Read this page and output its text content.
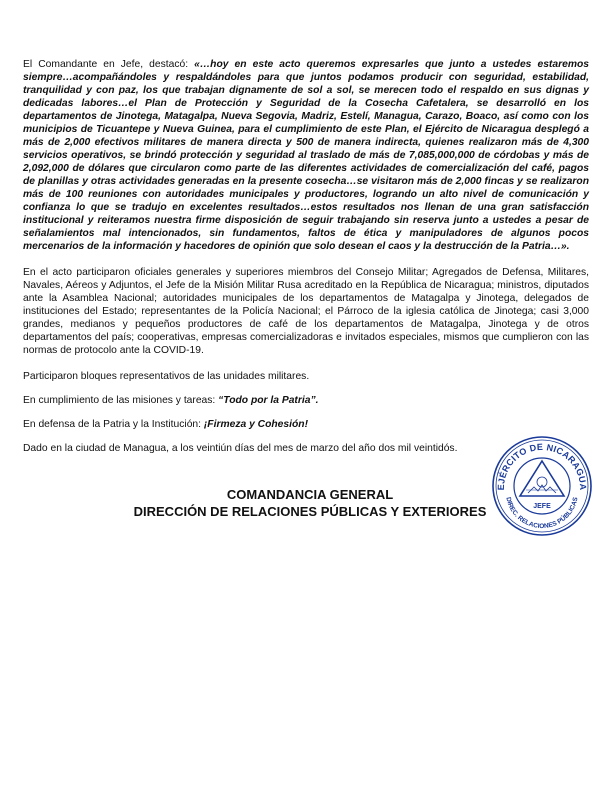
El Comandante en Jefe, destacó: «…hoy en este acto queremos expresarles que junto a ustedes estaremos siempre…acompañándoles y respaldándoles para que juntos podamos producir con seguridad, estabilidad, tranquilidad y con paz, los que trabajan dignamente de sol a sol, se merecen todo el respaldo en sus dignas y dedicadas labores…el Plan de Protección y Seguridad de la Cosecha Cafetalera, se desarrolló en los departamentos de Jinotega, Matagalpa, Nueva Segovia, Madriz, Estelí, Managua, Carazo, Boaco, así como con los municipios de Ticuantepe y Nueva Guinea, para el cumplimiento de este Plan, el Ejército de Nicaragua desplegó a más de 2,000 efectivos militares de manera directa y 500 de manera indirecta, quienes realizaron más de 4,300 servicios operativos, se brindó protección y seguridad al traslado de más de 7,085,000,000 de córdobas y más de 2,092,000 de dólares que circularon como parte de las diferentes actividades de comercialización del café, pagos de planillas y otras actividades generadas en la presente cosecha…se visitaron más de 2,000 fincas y se realizaron más de 100 reuniones con autoridades municipales y productores, logrando un alto nivel de comunicación y confianza lo que se tradujo en excelentes resultados…estos resultados nos llenan de una gran satisfacción institucional y reiteramos nuestra firme disposición de seguir trabajando sin reserva junto a ustedes a pesar de señalamientos mal intencionados, sin fundamentos, faltos de ética y manipuladores de algunos pocos mercenarios de la información y hacedores de opinión que solo desean el caos y la destrucción de la Patria…».

En el acto participaron oficiales generales y superiores miembros del Consejo Militar; Agregados de Defensa, Militares, Navales, Aéreos y Adjuntos, el Jefe de la Misión Militar Rusa acreditado en la República de Nicaragua; ministros, diputados ante la Asamblea Nacional; autoridades municipales de los departamentos de Matagalpa y Jinotega, delegados de instituciones del Estado; representantes de la Policía Nacional; el Párroco de la iglesia católica de Jinotega; casi 3,000 grandes, medianos y pequeños productores de café de los departamentos de Matagalpa, Jinotega y de otros departamentos del país; cooperativas, empresas comercializadoras e invitados especiales, mismos que cumplieron con las normas de protocolo ante la COVID-19.

Participaron bloques representativos de las unidades militares.

En cumplimiento de las misiones y tareas: “Todo por la Patria”.

En defensa de la Patria y la Institución: ¡Firmeza y Cohesión!

Dado en la ciudad de Managua, a los veintiún días del mes de marzo del año dos mil veintidós.

COMANDANCIA GENERAL
DIRECCIÓN DE RELACIONES PÚBLICAS Y EXTERIORES
EJÉRCITO DE NICARAGUA
DIREC. RELACIONES PÚBLICAS
JEFE
